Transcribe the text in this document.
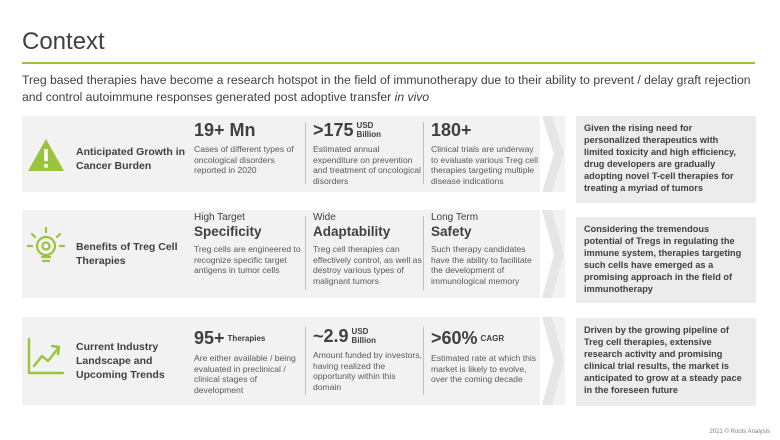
Context
Treg based therapies have become a research hotspot in the field of immunotherapy due to their ability to prevent / delay graft rejection and control autoimmune responses generated post adoptive transfer in vivo
Anticipated Growth in Cancer Burden
19+ Mn
Cases of different types of oncological disorders reported in 2020
>175 USD
Billion
Estimated annual expenditure on prevention and treatment of oncological disorders
180+
Clinical trials are underway to evaluate various Treg cell therapies targeting multiple disease indications
Given the rising need for personalized therapeutics with limited toxicity and high efficiency, drug developers are gradually adopting novel T-cell therapies for treating a myriad of tumors
Benefits of Treg Cell Therapies
High Target
Specificity
Treg cells are engineered to recognize specific target antigens in tumor cells
Wide
Adaptability
Treg cell therapies can effectively control, as well as destroy various types of malignant tumors
Long Term
Safety
Such therapy candidates have the ability to facilitate the development of immunological memory
Considering the tremendous potential of Tregs in regulating the immune system, therapies targeting such cells have emerged as a promising approach in the field of immunotherapy
Current Industry Landscape and Upcoming Trends
95+ Therapies
Are either available / being evaluated in preclinical / clinical stages of development
~2.9 USD
Billion
Amount funded by investors, having realized the opportunity within this domain
>60% CAGR
Estimated rate at which this market is likely to evolve, over the coming decade
Driven by the growing pipeline of Treg cell therapies, extensive research activity and promising clinical trial results, the market is anticipated to grow at a steady pace in the foreseen future
2021 © Roots Analysis
